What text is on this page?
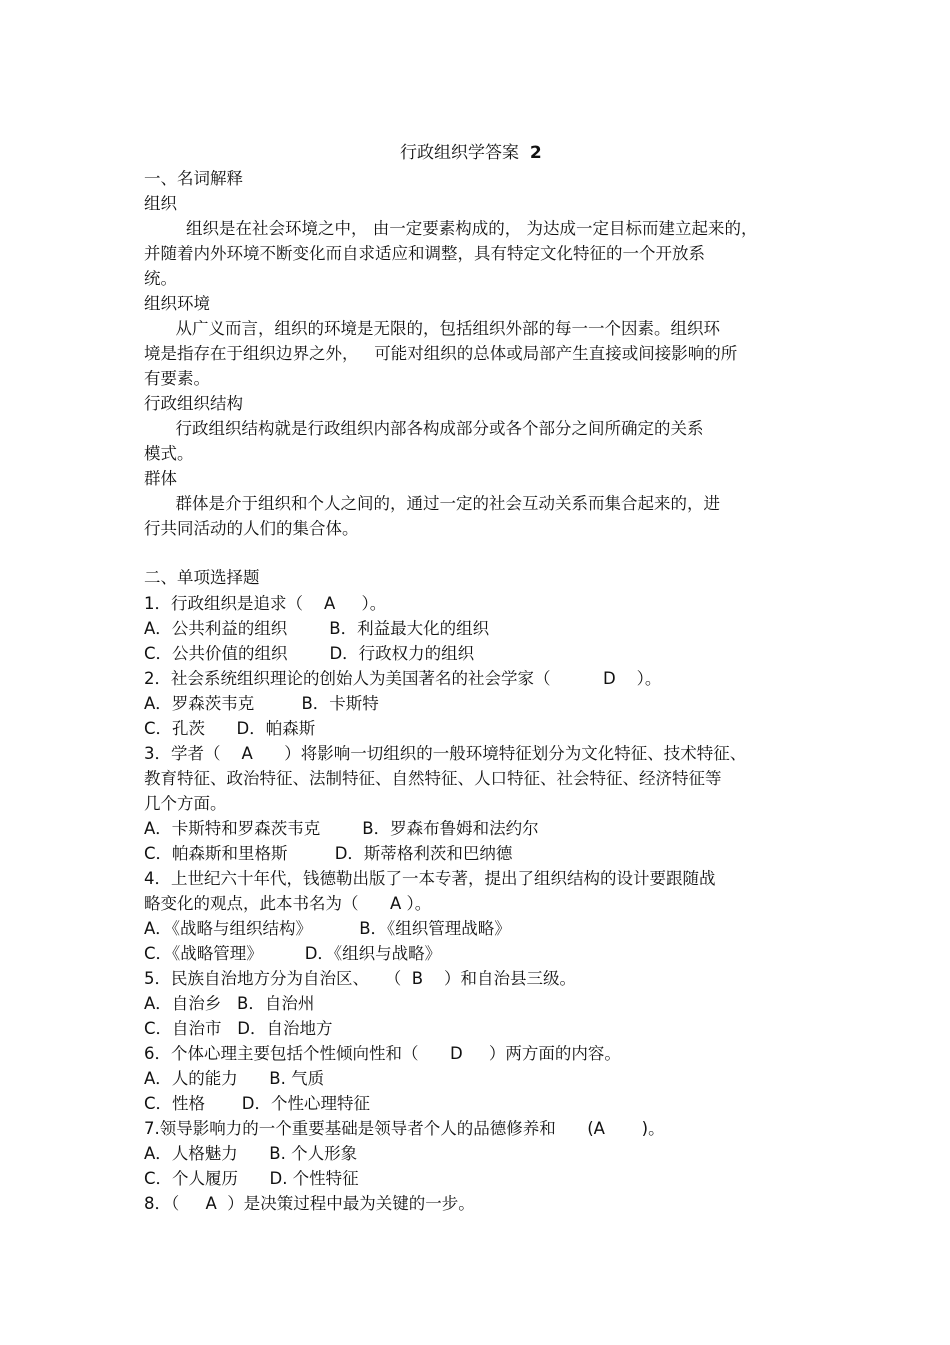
行政组织学答案 2
一、名词解释
组织
组织是在社会环境之中， 由一定要素构成的， 为达成一定目标而建立起来的，
并随着内外环境不断变化而自求适应和调整，具有特定文化特征的一个开放系
统。
组织环境
从广义而言，组织的环境是无限的，包括组织外部的每一一个因素。组织环
境是指存在于组织边界之外，   可能对组织的总体或局部产生直接或间接影响的所
有要素。
行政组织结构
行政组织结构就是行政组织内部各构成部分或各个部分之间所确定的关系
模式。
群体
群体是介于组织和个人之间的，通过一定的社会互动关系而集合起来的，进
行共同活动的人们的集合体。
二、单项选择题
1．行政组织是追求（    A     ）。
A．公共利益的组织        B．利益最大化的组织
C．公共价值的组织        D．行政权力的组织
2．社会系统组织理论的创始人为美国著名的社会学家（          D    ）。
A．罗森茨韦克         B．卡斯特
C．孔茨      D．帕森斯
3．学者（    A      ）将影响一切组织的一般环境特征划分为文化特征、技术特征、
教育特征、政治特征、法制特征、自然特征、人口特征、社会特征、经济特征等
几个方面。
A．卡斯特和罗森茨韦克        B．罗森布鲁姆和法约尔
C．帕森斯和里格斯         D．斯蒂格利茨和巴纳德
4．上世纪六十年代，钱德勒出版了一本专著，提出了组织结构的设计要跟随战
略变化的观点，此本书名为（      A ）。
A．《战略与组织结构》         B．《组织管理战略》
C．《战略管理》        D．《组织与战略》
5．民族自治地方分为自治区、   （  B    ）和自治县三级。
A．自治乡   B．自治州
C．自治市   D．自治地方
6．个体心理主要包括个性倾向性和（      D     ）两方面的内容。
A．人的能力      B. 气质
C．性格       D．个性心理特征
7.领导影响力的一个重要基础是领导者个人的品德修养和      (A       )。
A．人格魅力      B. 个人形象
C．个人履历      D. 个性特征
8．（     A  ）是决策过程中最为关键的一步。
